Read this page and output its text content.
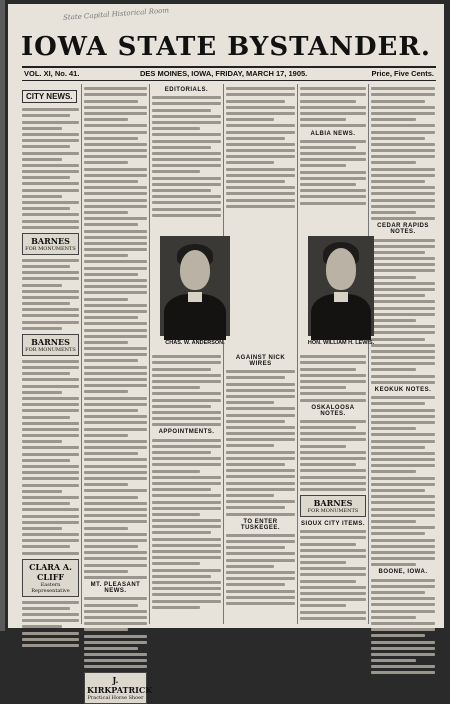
State Capital Historical Room
IOWA STATE BYSTANDER.
VOL. XI, No. 41.	DES MOINES, IOWA, FRIDAY, MARCH 17, 1905.	Price, Five Cents.
CITY NEWS.
BARNES
FOR MONUMENTS
BARNES
FOR MONUMENTS
CLARA A. CLIFF
Eastern Representative
MT. PLEASANT NEWS.
J. KIRKPATRICK
Practical Horse Shoer
EDITORIALS.
ALBIA NEWS.
CEDAR RAPIDS NOTES.
KEOKUK NOTES.
BOONE, IOWA.
CHAS. W. ANDERSON.	HON. WILLIAM H. LEWIS.
APPOINTMENTS.
AGAINST NICK WIRES
TO ENTER TUSKEGEE.
OSKALOOSA NOTES.
BARNES
FOR MONUMENTS
SIOUX CITY ITEMS.
